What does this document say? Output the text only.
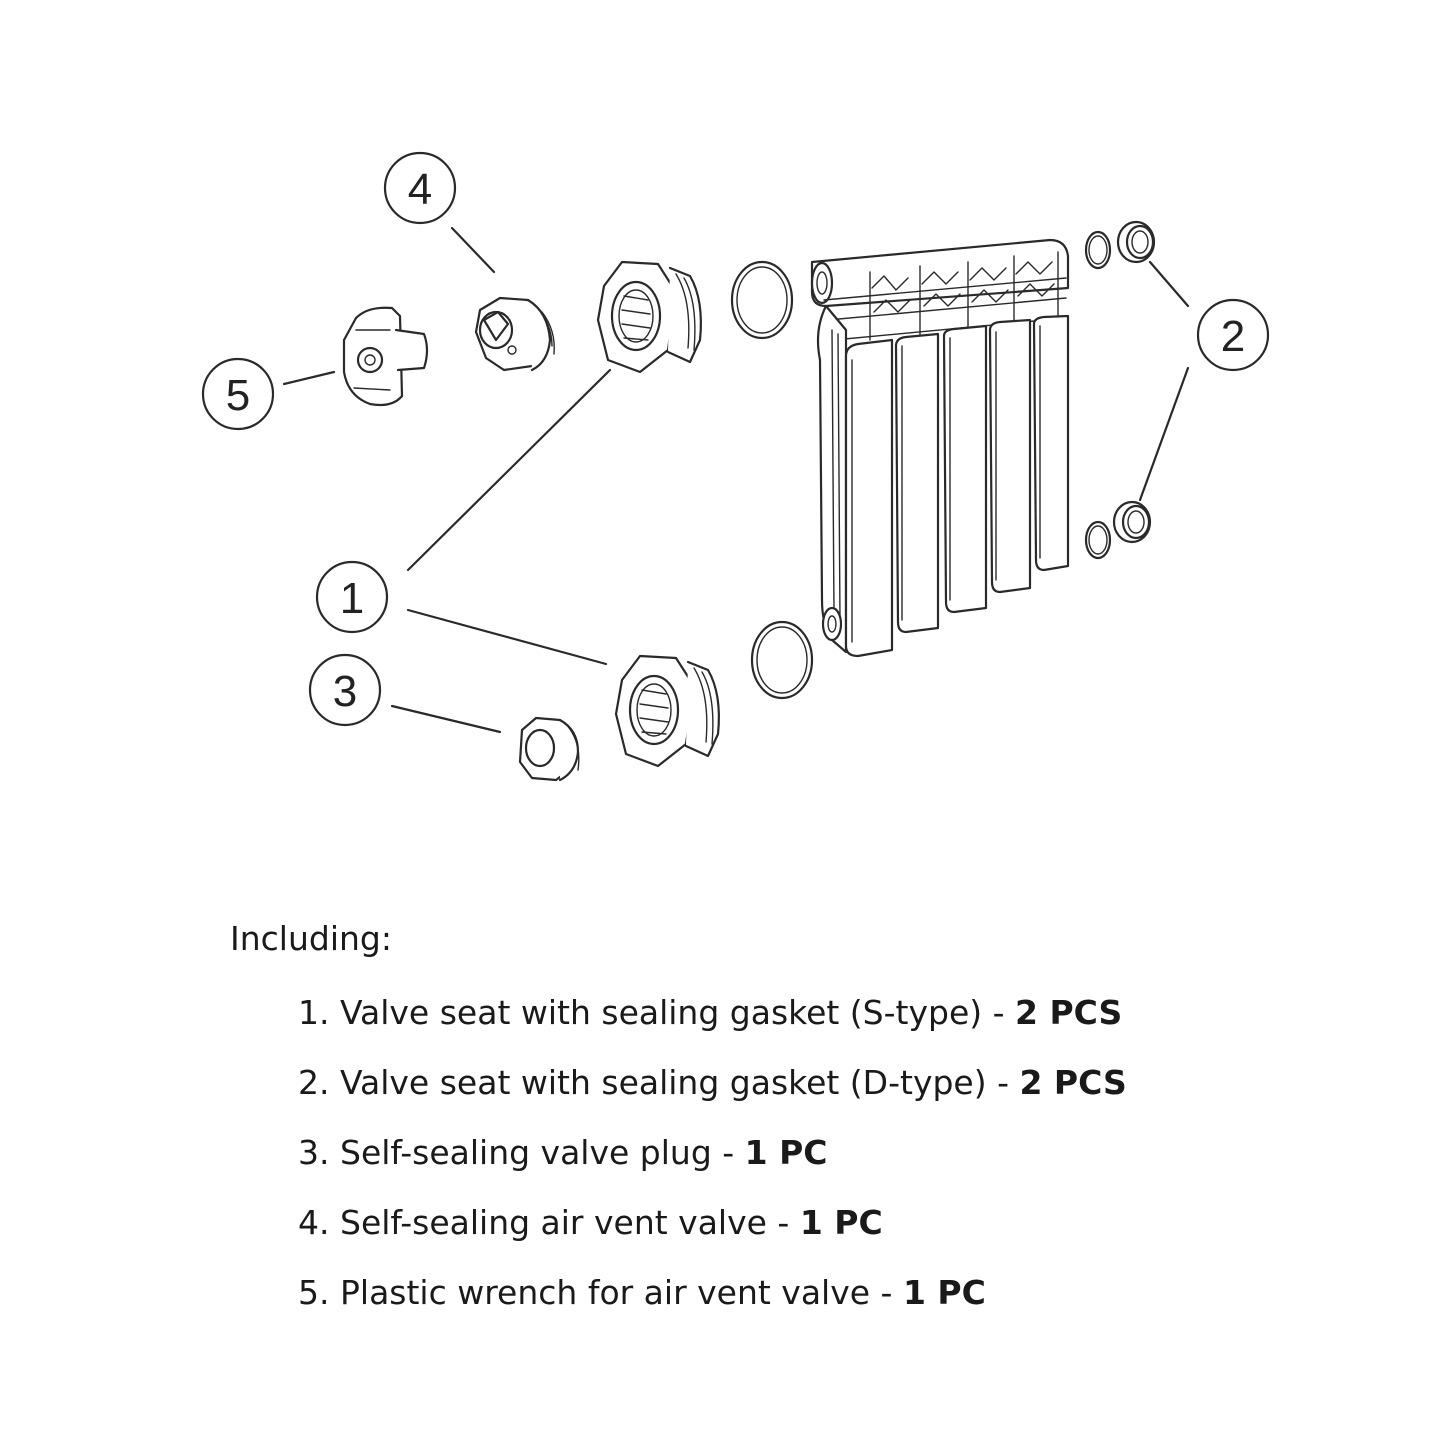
4
5
1
3
2
Including:
1. Valve seat with sealing gasket (S-type) - 2 PCS
2. Valve seat with sealing gasket (D-type) - 2 PCS
3. Self-sealing valve plug - 1 PC
4. Self-sealing air vent valve - 1 PC
5. Plastic wrench for air vent valve - 1 PC
